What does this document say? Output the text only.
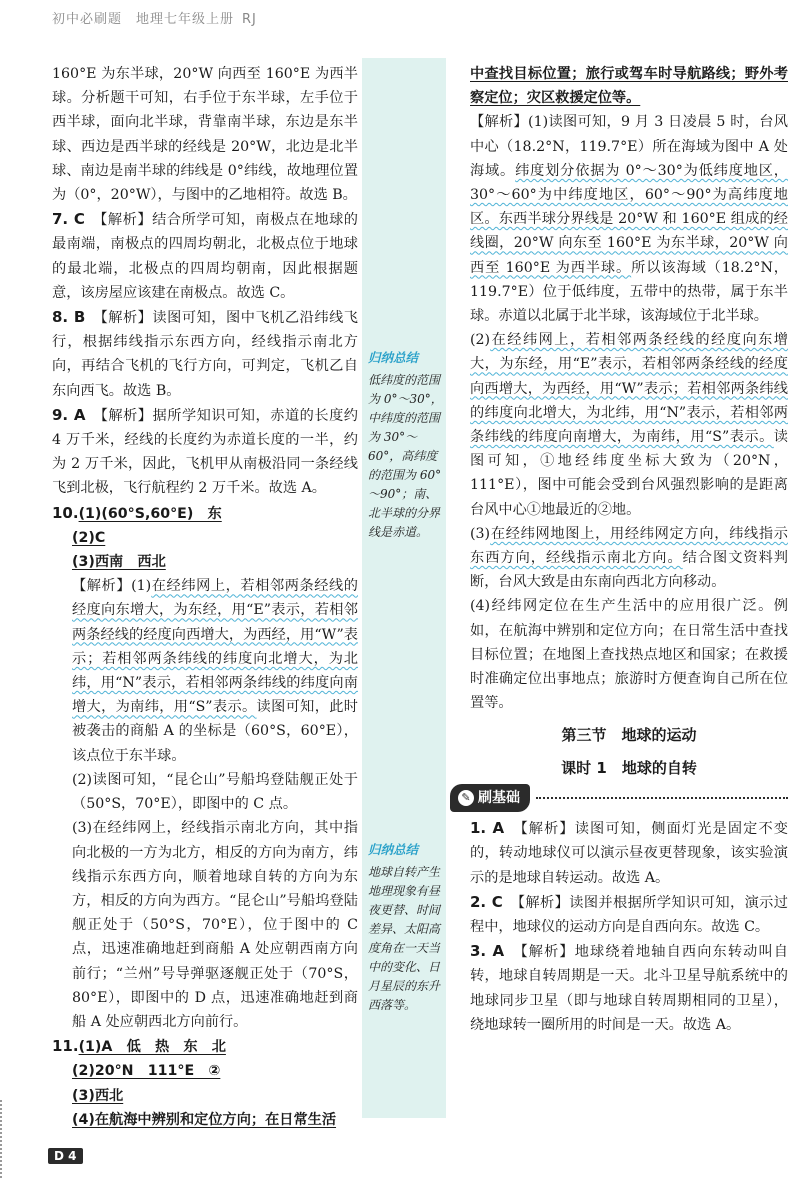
初中必刷题　地理七年级上册 RJ
归纳总结
低纬度的范围为 0°～30°，中纬度的范围为 30°～60°，高纬度的范围为 60°～90°；南、北半球的分界线是赤道。
归纳总结
地球自转产生地理现象有昼夜更替、时间差异、太阳高度角在一天当中的变化、日月星辰的东升西落等。

160°E 为东半球，20°W 向西至 160°E 为西半球。分析题干可知，右手位于东半球，左手位于西半球，面向北半球，背靠南半球，东边是东半球、西边是西半球的经线是 20°W，北边是北半球、南边是南半球的纬线是 0°纬线，故地理位置为（0°，20°W），与图中的乙地相符。故选 B。

7. C　 【解析】结合所学可知，南极点在地球的最南端，南极点的四周均朝北，北极点位于地球的最北端，北极点的四周均朝南，因此根据题意，该房屋应该建在南极点。故选 C。

8. B　 【解析】读图可知，图中飞机乙沿纬线飞行，根据纬线指示东西方向，经线指示南北方向，再结合飞机的飞行方向，可判定，飞机乙自东向西飞。故选 B。

9. A　 【解析】据所学知识可知，赤道的长度约 4 万千米，经线的长度约为赤道长度的一半，约为 2 万千米，因此，飞机甲从南极沿同一条经线飞到北极，飞行航程约 2 万千米。故选 A。

10.(1)(60°S,60°E)　东

(2)C

(3)西南　西北

【解析】(1)在经纬网上，若相邻两条经线的经度向东增大，为东经，用“E”表示，若相邻两条经线的经度向西增大，为西经，用“W”表示；若相邻两条纬线的纬度向北增大，为北纬，用“N”表示，若相邻两条纬线的纬度向南增大，为南纬，用“S”表示。读图可知，此时被袭击的商船 A 的坐标是（60°S，60°E），该点位于东半球。

(2)读图可知，“昆仑山”号船坞登陆舰正处于（50°S，70°E），即图中的 C 点。

(3)在经纬网上，经线指示南北方向，其中指向北极的一方为北方，相反的方向为南方，纬线指示东西方向，顺着地球自转的方向为东方，相反的方向为西方。“昆仑山”号船坞登陆舰正处于（50°S，70°E），位于图中的 C 点，迅速准确地赶到商船 A 处应朝西南方向前行；“兰州”号导弹驱逐舰正处于（70°S，80°E），即图中的 D 点，迅速准确地赶到商船 A 处应朝西北方向前行。

11.(1)A　低　热　东　北

(2)20°N　111°E　②

(3)西北

(4)在航海中辨别和定位方向；在日常生活

中查找目标位置；旅行或驾车时导航路线；野外考察定位；灾区救援定位等。

【解析】(1)读图可知，9 月 3 日凌晨 5 时，台风中心（18.2°N，119.7°E）所在海域为图中 A 处海域。纬度划分依据为 0°～30°为低纬度地区，30°～60°为中纬度地区，60°～90°为高纬度地区。东西半球分界线是 20°W 和 160°E 组成的经线圈，20°W 向东至 160°E 为东半球，20°W 向西至 160°E 为西半球。所以该海域（18.2°N，119.7°E）位于低纬度，五带中的热带，属于东半球。赤道以北属于北半球，该海域位于北半球。

(2)在经纬网上，若相邻两条经线的经度向东增大，为东经，用“E”表示，若相邻两条经线的经度向西增大，为西经，用“W”表示；若相邻两条纬线的纬度向北增大，为北纬，用“N”表示，若相邻两条纬线的纬度向南增大，为南纬，用“S”表示。读图可知，①地经纬度坐标大致为（20°N，111°E），图中可能会受到台风强烈影响的是距离台风中心①地最近的②地。

(3)在经纬网地图上，用经纬网定方向，纬线指示东西方向，经线指示南北方向。结合图文资料判断，台风大致是由东南向西北方向移动。

(4)经纬网定位在生产生活中的应用很广泛。例如，在航海中辨别和定位方向；在日常生活中查找目标位置；在地图上查找热点地区和国家；在救援时准确定位出事地点；旅游时方便查询自己所在位置等。

第三节　地球的运动
课时 1　地球的自转
✎ 刷基础

1. A　 【解析】读图可知，侧面灯光是固定不变的，转动地球仪可以演示昼夜更替现象，该实验演示的是地球自转运动。故选 A。

2. C　 【解析】读图并根据所学知识可知，演示过程中，地球仪的运动方向是自西向东。故选 C。

3. A　 【解析】地球绕着地轴自西向东转动叫自转，地球自转周期是一天。北斗卫星导航系统中的地球同步卫星（即与地球自转周期相同的卫星），绕地球转一圈所用的时间是一天。故选 A。

D 4
